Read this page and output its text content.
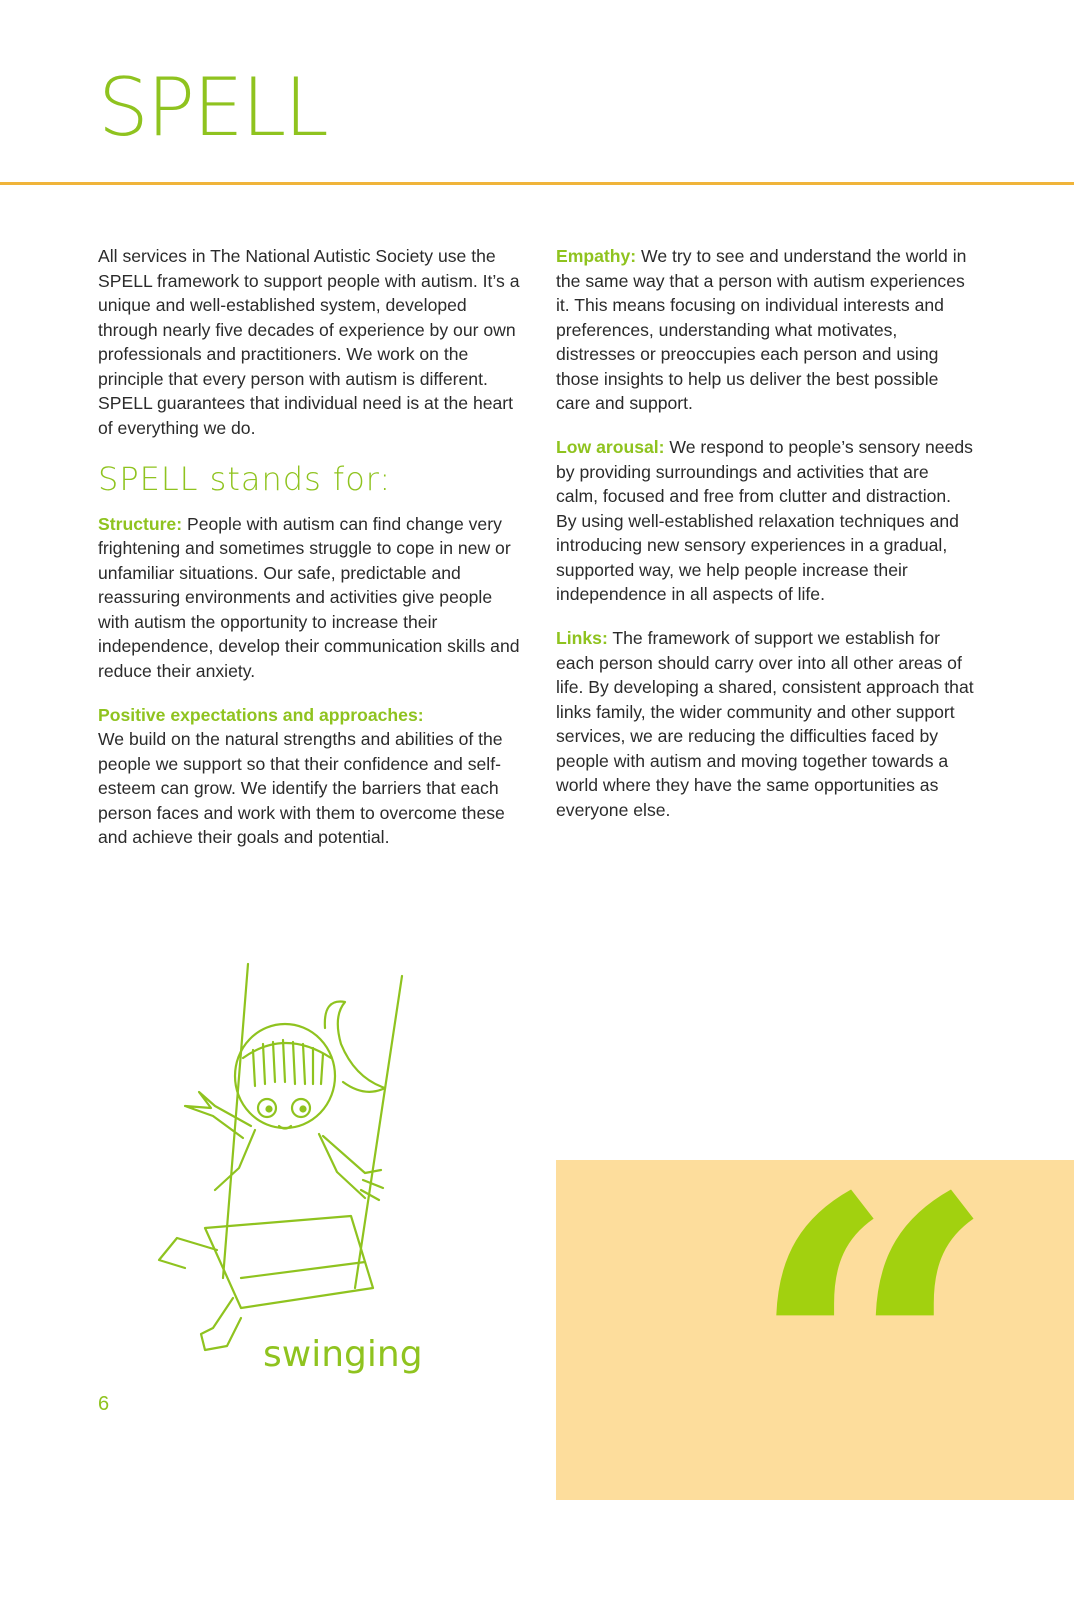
SPELL

All services in The National Autistic Society use the SPELL framework to support people with autism. It’s a unique and well-established system, developed through nearly five decades of experience by our own professionals and practitioners. We work on the principle that every person with autism is different. SPELL guarantees that individual need is at the heart of everything we do.

SPELL stands for:

Structure: People with autism can find change very frightening and sometimes struggle to cope in new or unfamiliar situations. Our safe, predictable and reassuring environments and activities give people with autism the opportunity to increase their independence, develop their communication skills and reduce their anxiety.

Positive expectations and approaches:
We build on the natural strengths and abilities of the people we support so that their confidence and self-esteem can grow. We identify the barriers that each person faces and work with them to overcome these and achieve their goals and potential.

Empathy: We try to see and understand the world in the same way that a person with autism experiences it. This means focusing on individual interests and preferences, understanding what motivates, distresses or preoccupies each person and using those insights to help us deliver the best possible care and support.

Low arousal: We respond to people’s sensory needs by providing surroundings and activities that are calm, focused and free from clutter and distraction. By using well-established relaxation techniques and introducing new sensory experiences in a gradual, supported way, we help people increase their independence in all aspects of life.

Links: The framework of support we establish for each person should carry over into all other areas of life. By developing a shared, consistent approach that links family, the wider community and other support services, we are reducing the difficulties faced by people with autism and moving together towards a world where they have the same opportunities as everyone else.

swinging
6 “
